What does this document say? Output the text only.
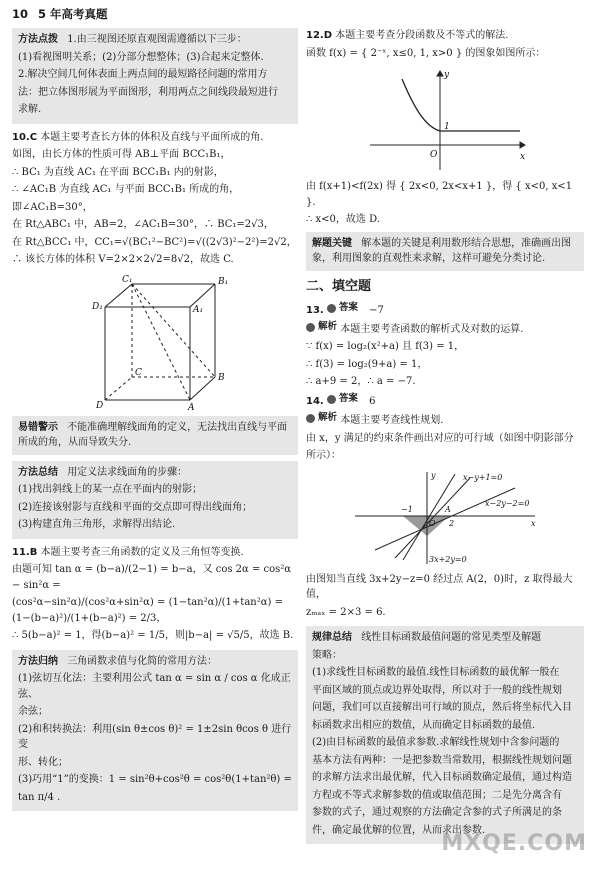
10 5 年高考真题
方法点拨 1.由三视图还原直观图需遵循以下三步：
(1)看视图明关系；(2)分部分想整体；(3)合起来定整体.
2.解决空间几何体表面上两点间的最短路径问题的常用方
法：把立体图形展为平面图形，利用两点之间线段最短进行
求解.
10.C 本题主要考查长方体的体积及直线与平面所成的角.
如图，由长方体的性质可得 AB⊥平面 BCC₁B₁，
∴ BC₁ 为直线 AC₁ 在平面 BCC₁B₁ 内的射影，
∴ ∠AC₁B 为直线 AC₁ 与平面 BCC₁B₁ 所成的角，
即∠AC₁B=30°，
在 Rt△ABC₁ 中，AB=2，∠AC₁B=30°，∴ BC₁=2√3，
在 Rt△BCC₁ 中，CC₁=√(BC₁²−BC²)=√((2√3)²−2²)=2√2，
∴ 该长方体的体积 V=2×2×2√2=8√2，故选 C.
C₁	B₁
D₁	A₁
C
D	A
B
易错警示 不能准确理解线面角的定义，无法找出直线与平面所成的角，从而导致失分.
方法总结 用定义法求线面角的步骤：
(1)找出斜线上的某一点在平面内的射影；
(2)连接该射影与直线和平面的交点即可得出线面角；
(3)构建直角三角形，求解得出结论.
11.B 本题主要考查三角函数的定义及三角恒等变换.
由题可知 tan α = (b−a)/(2−1) = b−a，又 cos 2α = cos²α − sin²α =
(cos²α−sin²α)/(cos²α+sin²α) = (1−tan²α)/(1+tan²α) = (1−(b−a)²)/(1+(b−a)²) = 2/3，
∴ 5(b−a)² = 1，得(b−a)² = 1/5，则|b−a| = √5/5，故选 B.
方法归纳 三角函数求值与化简的常用方法：
(1)弦切互化法：主要利用公式 tan α = sin α / cos α 化成正弦、
余弦；
(2)和积转换法：利用(sin θ±cos θ)² = 1±2sin θcos θ 进行变
形、转化；
(3)巧用“1”的变换：1 = sin²θ+cos²θ = cos²θ(1+tan²θ) =
tan π/4 .
12.D 本题主要考查分段函数及不等式的解法.
函数 f(x) = { 2⁻ˣ, x≤0, 1, x>0 } 的图象如图所示：
y
x
O
1
由 f(x+1)<f(2x) 得 { 2x<0, 2x<x+1 }，得 { x<0, x<1 }.
∴ x<0，故选 D.
解题关键 解本题的关键是利用数形结合思想，准确画出图象，利用图象的直观性来求解，这样可避免分类讨论.
二、填空题
13. 答案 −7
解析 本题主要考查函数的解析式及对数的运算.
∵ f(x) = log₂(x²+a) 且 f(3) = 1，
∴ f(3) = log₂(9+a) = 1，
∴ a+9 = 2，∴ a = −7.
14. 答案 6
解析 本题主要考查线性规划.
由 x，y 满足的约束条件画出对应的可行域（如图中阴影部分
所示）：
x−y+1=0
x−2y−2=0
3x+2y=0
y
x
O
A
−1
2
由图知当直线 3x+2y−z=0 经过点 A(2，0)时，z 取得最大值，
zₘₐₓ = 2×3 = 6.
规律总结 线性目标函数最值问题的常见类型及解题
策略：
(1)求线性目标函数的最值.线性目标函数的最优解一般在
平面区域的顶点或边界处取得，所以对于一般的线性规划
问题，我们可以直接解出可行域的顶点，然后将坐标代入目
标函数求出相应的数值，从而确定目标函数的最值.
(2)由目标函数的最值求参数.求解线性规划中含参问题的
基本方法有两种：一是把参数当常数用，根据线性规划问题
的求解方法求出最优解，代入目标函数确定最值，通过构造
方程或不等式求解参数的值或取值范围；二是先分离含有
参数的式子，通过观察的方法确定含参的式子所满足的条
件，确定最优解的位置，从而求出参数.
MXQE.COM
